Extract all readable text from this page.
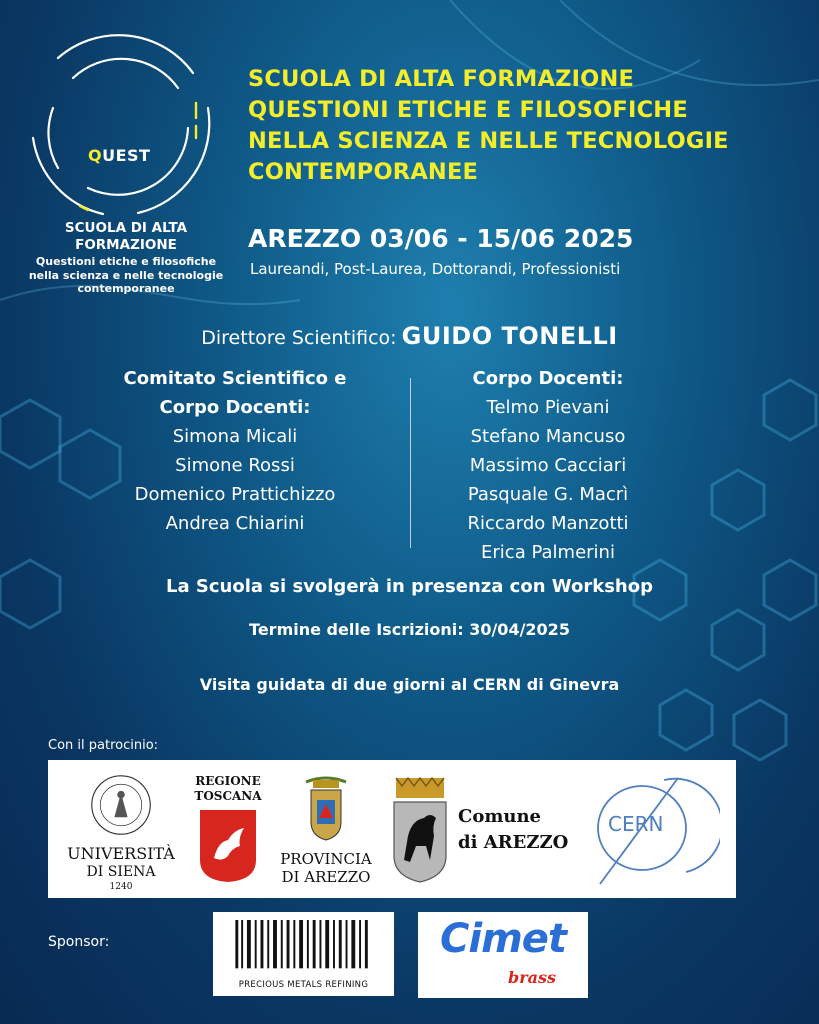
QUEST
SCUOLA DI ALTA FORMAZIONE
Questioni etiche e filosofiche nella scienza e nelle tecnologie contemporanee
SCUOLA DI ALTA FORMAZIONE
QUESTIONI ETICHE E FILOSOFICHE
NELLA SCIENZA E NELLE TECNOLOGIE
CONTEMPORANEE
AREZZO 03/06 - 15/06 2025
Laureandi, Post-Laurea, Dottorandi, Professionisti
Direttore Scientifico: GUIDO TONELLI
Comitato Scientifico e
Corpo Docenti:
Simona Micali
Simone Rossi
Domenico Prattichizzo
Andrea Chiarini
Corpo Docenti:
Telmo Pievani
Stefano Mancuso
Massimo Cacciari
Pasquale G. Macrì
Riccardo Manzotti
Erica Palmerini
La Scuola si svolgerà in presenza con Workshop
Termine delle Iscrizioni: 30/04/2025
Visita guidata di due giorni al CERN di Ginevra
Con il patrocinio:
UNIVERSITÀ
DI SIENA
1240
REGIONE
TOSCANA
PROVINCIA
DI AREZZO
Comune
di AREZZO
CERN
Sponsor:
PRECIOUS METALS REFINING
Cimet
brass
